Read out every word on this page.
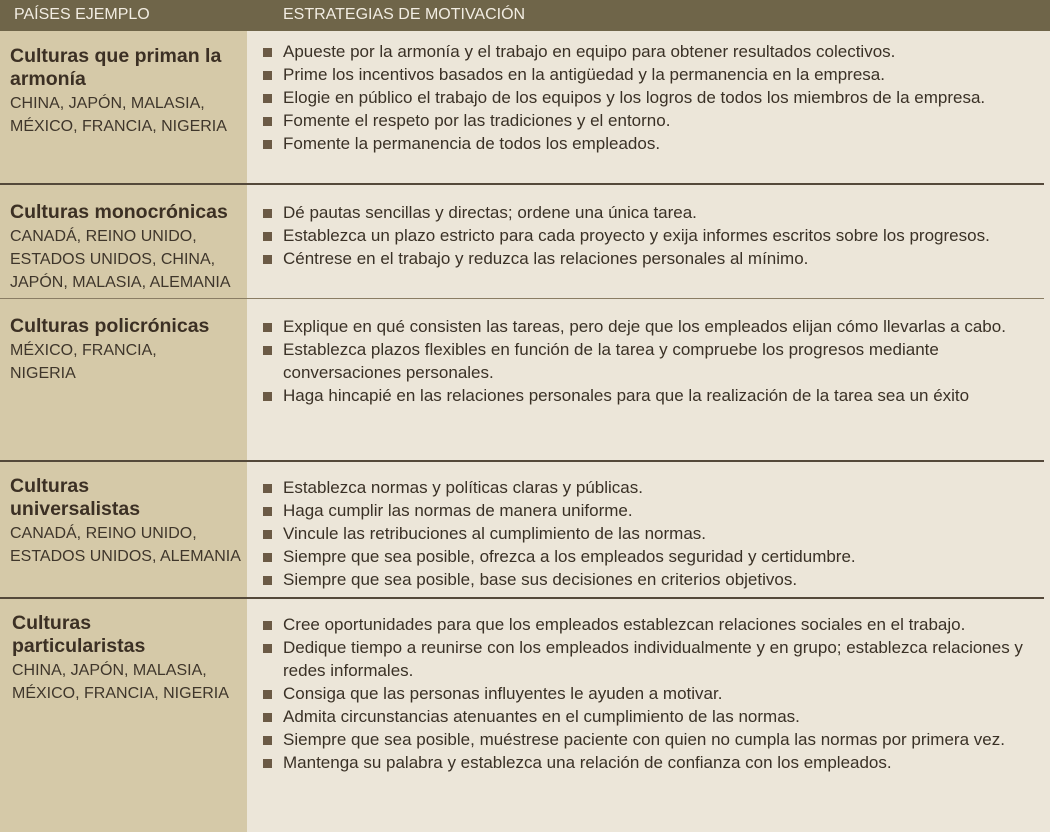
PAÍSES EJEMPLO	ESTRATEGIAS DE MOTIVACIÓN
Culturas que priman la armonía
CHINA, JAPÓN, MALASIA, MÉXICO, FRANCIA, NIGERIA
Apueste por la armonía y el trabajo en equipo para obtener resultados colectivos.
Prime los incentivos basados en la antigüedad y la permanencia en la empresa.
Elogie en público el trabajo de los equipos y los logros de todos los miembros de la empresa.
Fomente el respeto por las tradiciones y el entorno.
Fomente la permanencia de todos los empleados.
Culturas monocrónicas
CANADÁ, REINO UNIDO, ESTADOS UNIDOS, CHINA, JAPÓN, MALASIA, ALEMANIA
Dé pautas sencillas y directas; ordene una única tarea.
Establezca un plazo estricto para cada proyecto y exija informes escritos sobre los progresos.
Céntrese en el trabajo y reduzca las relaciones personales al mínimo.
Culturas policrónicas
MÉXICO, FRANCIA, NIGERIA
Explique en qué consisten las tareas, pero deje que los empleados elijan cómo llevarlas a cabo.
Establezca plazos flexibles en función de la tarea y compruebe los progresos mediante conversaciones personales.
Haga hincapié en las relaciones personales para que la realización de la tarea sea un éxito
Culturas universalistas
CANADÁ, REINO UNIDO, ESTADOS UNIDOS, ALEMANIA
Establezca normas y políticas claras y públicas.
Haga cumplir las normas de manera uniforme.
Vincule las retribuciones al cumplimiento de las normas.
Siempre que sea posible, ofrezca a los empleados seguridad y certidumbre.
Siempre que sea posible, base sus decisiones en criterios objetivos.
Culturas particularistas
CHINA, JAPÓN, MALASIA, MÉXICO, FRANCIA, NIGERIA
Cree oportunidades para que los empleados establezcan relaciones sociales en el trabajo.
Dedique tiempo a reunirse con los empleados individualmente y en grupo; establezca relaciones y redes informales.
Consiga que las personas influyentes le ayuden a motivar.
Admita circunstancias atenuantes en el cumplimiento de las normas.
Siempre que sea posible, muéstrese paciente con quien no cumpla las normas por primera vez.
Mantenga su palabra y establezca una relación de confianza con los empleados.
